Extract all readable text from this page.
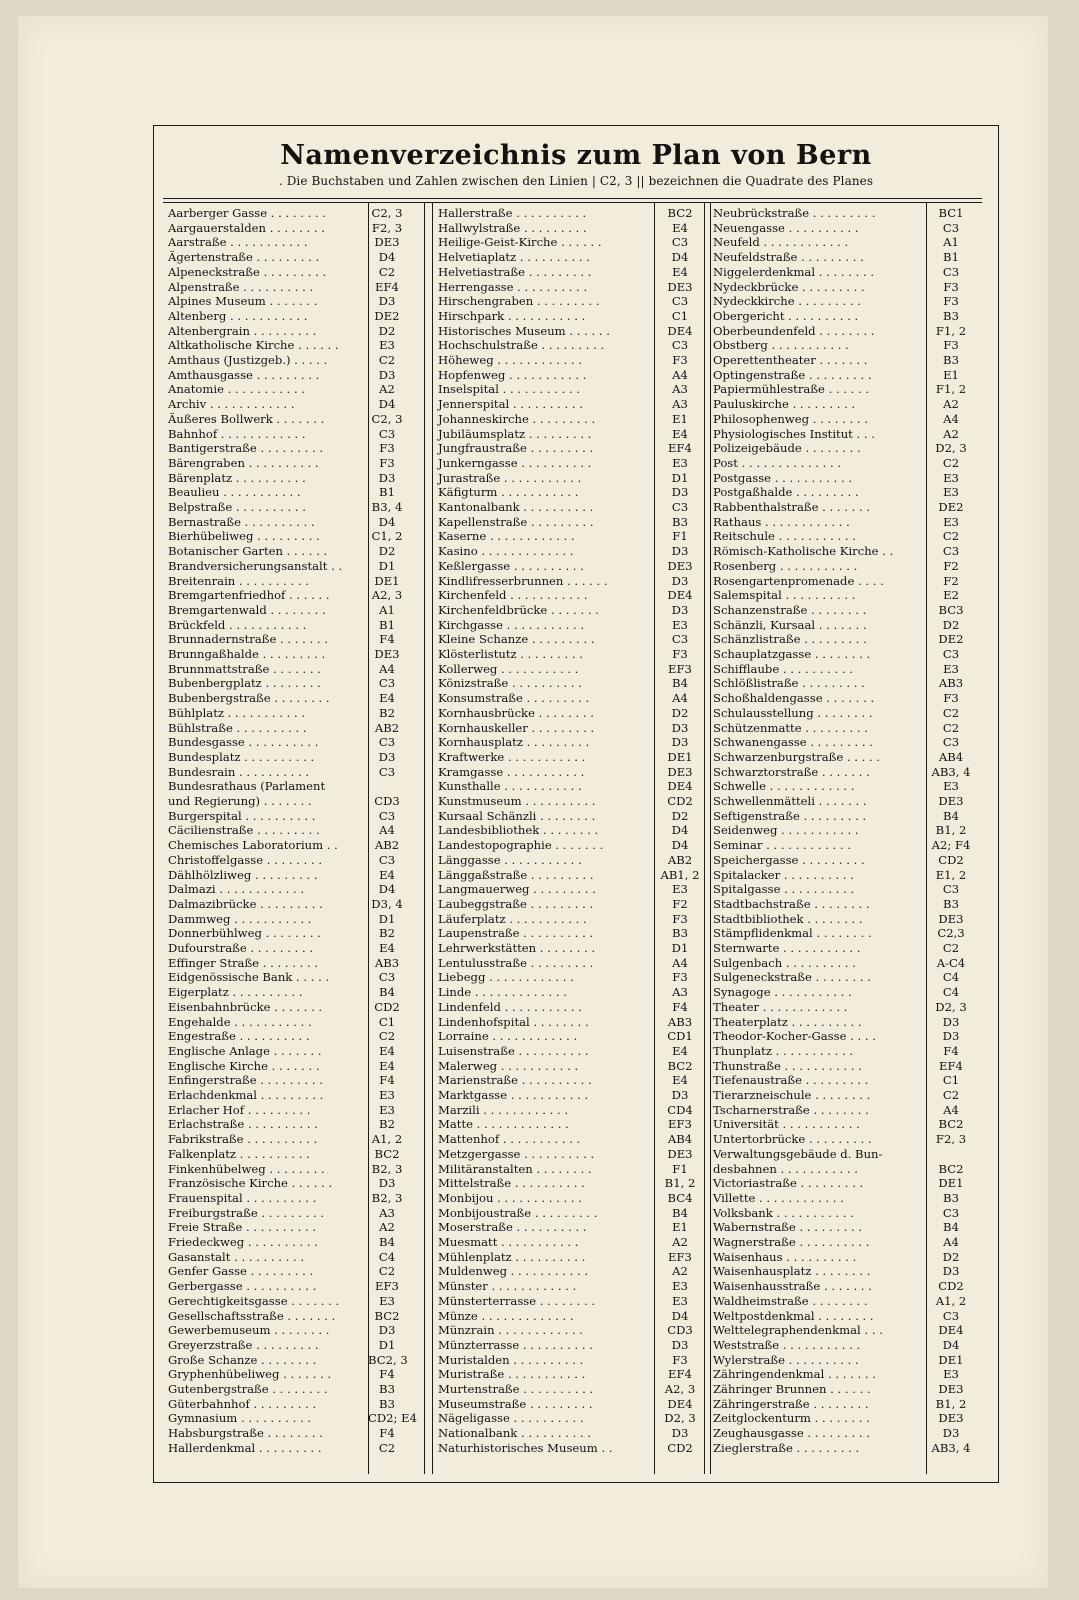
Namenverzeichnis zum Plan von Bern
. Die Buchstaben und Zahlen zwischen den Linien | C2, 3 || bezeichnen die Quadrate des Planes
Aarberger Gasse . . . . . . . .	C2, 3
Aargauerstalden . . . . . . . .	F2, 3
Aarstraße . . . . . . . . . . .	DE3
Ägertenstraße . . . . . . . . .	D4
Alpeneckstraße . . . . . . . . .	C2
Alpenstraße . . . . . . . . . .	EF4
Alpines Museum . . . . . . .	D3
Altenberg . . . . . . . . . . .	DE2
Altenbergrain . . . . . . . . .	D2
Altkatholische Kirche . . . . . .	E3
Amthaus (Justizgeb.) . . . . .	C2
Amthausgasse . . . . . . . . .	D3
Anatomie . . . . . . . . . . .	A2
Archiv . . . . . . . . . . . .	D4
Äußeres Bollwerk . . . . . . .	C2, 3
Bahnhof . . . . . . . . . . . .	C3
Bantigerstraße . . . . . . . . .	F3
Bärengraben . . . . . . . . . .	F3
Bärenplatz . . . . . . . . . .	D3
Beaulieu . . . . . . . . . . .	B1
Belpstraße . . . . . . . . . .	B3, 4
Bernastraße . . . . . . . . . .	D4
Bierhübeliweg . . . . . . . . .	C1, 2
Botanischer Garten . . . . . .	D2
Brandversicherungsanstalt . .	D1
Breitenrain . . . . . . . . . .	DE1
Bremgartenfriedhof . . . . . .	A2, 3
Bremgartenwald . . . . . . . .	A1
Brückfeld . . . . . . . . . . .	B1
Brunnadernstraße . . . . . . .	F4
Brunngaßhalde . . . . . . . . .	DE3
Brunnmattstraße . . . . . . .	A4
Bubenbergplatz . . . . . . . .	C3
Bubenbergstraße . . . . . . . .	E4
Bühlplatz . . . . . . . . . . .	B2
Bühlstraße . . . . . . . . . .	AB2
Bundesgasse . . . . . . . . . .	C3
Bundesplatz . . . . . . . . . .	D3
Bundesrain . . . . . . . . . .	C3
Bundesrathaus (Parlament
und Regierung) . . . . . . .	CD3
Burgerspital . . . . . . . . . .	C3
Cäcilienstraße . . . . . . . . .	A4
Chemisches Laboratorium . .	AB2
Christoffelgasse . . . . . . . .	C3
Dählhölzliweg . . . . . . . . .	E4
Dalmazi . . . . . . . . . . . .	D4
Dalmazibrücke . . . . . . . . .	D3, 4
Dammweg . . . . . . . . . . .	D1
Donnerbühlweg . . . . . . . .	B2
Dufourstraße . . . . . . . . .	E4
Effinger Straße . . . . . . . .	AB3
Eidgenössische Bank . . . . .	C3
Eigerplatz . . . . . . . . . .	B4
Eisenbahnbrücke . . . . . . .	CD2
Engehalde . . . . . . . . . . .	C1
Engestraße . . . . . . . . . .	C2
Englische Anlage . . . . . . .	E4
Englische Kirche . . . . . . .	E4
Enfingerstraße . . . . . . . . .	F4
Erlachdenkmal . . . . . . . . .	E3
Erlacher Hof . . . . . . . . .	E3
Erlachstraße . . . . . . . . . .	B2
Fabrikstraße . . . . . . . . . .	A1, 2
Falkenplatz . . . . . . . . . .	BC2
Finkenhübelweg . . . . . . . .	B2, 3
Französische Kirche . . . . . .	D3
Frauenspital . . . . . . . . . .	B2, 3
Freiburgstraße . . . . . . . . .	A3
Freie Straße . . . . . . . . . .	A2
Friedeckweg . . . . . . . . . .	B4
Gasanstalt . . . . . . . . . .	C4
Genfer Gasse . . . . . . . . .	C2
Gerbergasse . . . . . . . . . .	EF3
Gerechtigkeitsgasse . . . . . . .	E3
Gesellschaftsstraße . . . . . . .	BC2
Gewerbemuseum . . . . . . . .	D3
Greyerzstraße . . . . . . . . .	D1
Große Schanze . . . . . . . .	BC2, 3
Gryphenhübeliweg . . . . . . .	F4
Gutenbergstraße . . . . . . . .	B3
Güterbahnhof . . . . . . . . .	B3
Gymnasium . . . . . . . . . .	CD2; E4
Habsburgstraße . . . . . . . .	F4
Hallerdenkmal . . . . . . . . .	C2
Hallerstraße . . . . . . . . . .	BC2
Hallwylstraße . . . . . . . . .	E4
Heilige-Geist-Kirche . . . . . .	C3
Helvetiaplatz . . . . . . . . . .	D4
Helvetiastraße . . . . . . . . .	E4
Herrengasse . . . . . . . . . .	DE3
Hirschengraben . . . . . . . . .	C3
Hirschpark . . . . . . . . . . .	C1
Historisches Museum . . . . . .	DE4
Hochschulstraße . . . . . . . . .	C3
Höheweg . . . . . . . . . . . .	F3
Hopfenweg . . . . . . . . . . .	A4
Inselspital . . . . . . . . . . .	A3
Jennerspital . . . . . . . . . .	A3
Johanneskirche . . . . . . . . .	E1
Jubiläumsplatz . . . . . . . . .	E4
Jungfraustraße . . . . . . . . .	EF4
Junkerngasse . . . . . . . . . .	E3
Jurastraße . . . . . . . . . . .	D1
Käfigturm . . . . . . . . . . .	D3
Kantonalbank . . . . . . . . . .	C3
Kapellenstraße . . . . . . . . .	B3
Kaserne . . . . . . . . . . . .	F1
Kasino . . . . . . . . . . . . .	D3
Keßlergasse . . . . . . . . . .	DE3
Kindlifresserbrunnen . . . . . .	D3
Kirchenfeld . . . . . . . . . . .	DE4
Kirchenfeldbrücke . . . . . . .	D3
Kirchgasse . . . . . . . . . . .	E3
Kleine Schanze . . . . . . . . .	C3
Klösterlistutz . . . . . . . . .	F3
Kollerweg . . . . . . . . . . .	EF3
Könizstraße . . . . . . . . . .	B4
Konsumstraße . . . . . . . . .	A4
Kornhausbrücke . . . . . . . .	D2
Kornhauskeller . . . . . . . . .	D3
Kornhausplatz . . . . . . . . .	D3
Kraftwerke . . . . . . . . . . .	DE1
Kramgasse . . . . . . . . . . .	DE3
Kunsthalle . . . . . . . . . . .	DE4
Kunstmuseum . . . . . . . . . .	CD2
Kursaal Schänzli . . . . . . . .	D2
Landesbibliothek . . . . . . . .	D4
Landestopographie . . . . . . .	D4
Länggasse . . . . . . . . . . .	AB2
Länggaßstraße . . . . . . . . .	AB1, 2
Langmauerweg . . . . . . . . .	E3
Laubeggstraße . . . . . . . . .	F2
Läuferplatz . . . . . . . . . . .	F3
Laupenstraße . . . . . . . . . .	B3
Lehrwerkstätten . . . . . . . .	D1
Lentulusstraße . . . . . . . . .	A4
Liebegg . . . . . . . . . . . .	F3
Linde . . . . . . . . . . . . .	A3
Lindenfeld . . . . . . . . . . .	F4
Lindenhofspital . . . . . . . .	AB3
Lorraine . . . . . . . . . . . .	CD1
Luisenstraße . . . . . . . . . .	E4
Malerweg . . . . . . . . . . .	BC2
Marienstraße . . . . . . . . . .	E4
Marktgasse . . . . . . . . . . .	D3
Marzili . . . . . . . . . . . .	CD4
Matte . . . . . . . . . . . . .	EF3
Mattenhof . . . . . . . . . . .	AB4
Metzgergasse . . . . . . . . . .	DE3
Militäranstalten . . . . . . . .	F1
Mittelstraße . . . . . . . . . .	B1, 2
Monbijou . . . . . . . . . . . .	BC4
Monbijoustraße . . . . . . . . .	B4
Moserstraße . . . . . . . . . .	E1
Muesmatt . . . . . . . . . . .	A2
Mühlenplatz . . . . . . . . . .	EF3
Muldenweg . . . . . . . . . . .	A2
Münster . . . . . . . . . . . .	E3
Münsterterrasse . . . . . . . .	E3
Münze . . . . . . . . . . . . .	D4
Münzrain . . . . . . . . . . . .	CD3
Münzterrasse . . . . . . . . . .	D3
Muristalden . . . . . . . . . .	F3
Muristraße . . . . . . . . . . .	EF4
Murtenstraße . . . . . . . . . .	A2, 3
Museumstraße . . . . . . . . .	DE4
Nägeligasse . . . . . . . . . .	D2, 3
Nationalbank . . . . . . . . . .	D3
Naturhistorisches Museum . .	CD2
Neubrückstraße . . . . . . . . .	BC1
Neuengasse . . . . . . . . . .	C3
Neufeld . . . . . . . . . . . .	A1
Neufeldstraße . . . . . . . . .	B1
Niggelerdenkmal . . . . . . . .	C3
Nydeckbrücke . . . . . . . . .	F3
Nydeckkirche . . . . . . . . .	F3
Obergericht . . . . . . . . . .	B3
Oberbeundenfeld . . . . . . . .	F1, 2
Obstberg . . . . . . . . . . .	F3
Operettentheater . . . . . . .	B3
Optingenstraße . . . . . . . . .	E1
Papiermühlestraße . . . . . .	F1, 2
Pauluskirche . . . . . . . . .	A2
Philosophenweg . . . . . . . .	A4
Physiologisches Institut . . .	A2
Polizeigebäude . . . . . . . .	D2, 3
Post . . . . . . . . . . . . . .	C2
Postgasse . . . . . . . . . . .	E3
Postgaßhalde . . . . . . . . .	E3
Rabbenthalstraße . . . . . . .	DE2
Rathaus . . . . . . . . . . . .	E3
Reitschule . . . . . . . . . . .	C2
Römisch-Katholische Kirche . .	C3
Rosenberg . . . . . . . . . . .	F2
Rosengartenpromenade . . . .	F2
Salemspital . . . . . . . . . .	E2
Schanzenstraße . . . . . . . .	BC3
Schänzli, Kursaal . . . . . . .	D2
Schänzlistraße . . . . . . . . .	DE2
Schauplatzgasse . . . . . . . .	C3
Schifflaube . . . . . . . . . .	E3
Schlößlistraße . . . . . . . . .	AB3
Schoßhaldengasse . . . . . . .	F3
Schulausstellung . . . . . . . .	C2
Schützenmatte . . . . . . . . .	C2
Schwanengasse . . . . . . . . .	C3
Schwarzenburgstraße . . . . .	AB4
Schwarztorstraße . . . . . . .	AB3, 4
Schwelle . . . . . . . . . . . .	E3
Schwellenmätteli . . . . . . .	DE3
Seftigenstraße . . . . . . . . .	B4
Seidenweg . . . . . . . . . . .	B1, 2
Seminar . . . . . . . . . . . .	A2; F4
Speichergasse . . . . . . . . .	CD2
Spitalacker . . . . . . . . . .	E1, 2
Spitalgasse . . . . . . . . . .	C3
Stadtbachstraße . . . . . . . .	B3
Stadtbibliothek . . . . . . . .	DE3
Stämpflidenkmal . . . . . . . .	C2,3
Sternwarte . . . . . . . . . . .	C2
Sulgenbach . . . . . . . . . .	A-C4
Sulgeneckstraße . . . . . . . .	C4
Synagoge . . . . . . . . . . .	C4
Theater . . . . . . . . . . . .	D2, 3
Theaterplatz . . . . . . . . . .	D3
Theodor-Kocher-Gasse . . . .	D3
Thunplatz . . . . . . . . . . .	F4
Thunstraße . . . . . . . . . . .	EF4
Tiefenaustraße . . . . . . . . .	C1
Tierarzneischule . . . . . . . .	C2
Tscharnerstraße . . . . . . . .	A4
Universität . . . . . . . . . . .	BC2
Untertorbrücke . . . . . . . . .	F2, 3
Verwaltungsgebäude d. Bun-
desbahnen . . . . . . . . . . .	BC2
Victoriastraße . . . . . . . . .	DE1
Villette . . . . . . . . . . . .	B3
Volksbank . . . . . . . . . . .	C3
Wabernstraße . . . . . . . . .	B4
Wagnerstraße . . . . . . . . . .	A4
Waisenhaus . . . . . . . . . .	D2
Waisenhausplatz . . . . . . . .	D3
Waisenhausstraße . . . . . . .	CD2
Waldheimstraße . . . . . . . .	A1, 2
Weltpostdenkmal . . . . . . . .	C3
Welttelegraphendenkmal . . .	DE4
Weststraße . . . . . . . . . . .	D4
Wylerstraße . . . . . . . . . .	DE1
Zähringendenkmal . . . . . . .	E3
Zähringer Brunnen . . . . . .	DE3
Zähringerstraße . . . . . . . .	B1, 2
Zeitglockenturm . . . . . . . .	DE3
Zeughausgasse . . . . . . . . .	D3
Zieglerstraße . . . . . . . . .	AB3, 4
